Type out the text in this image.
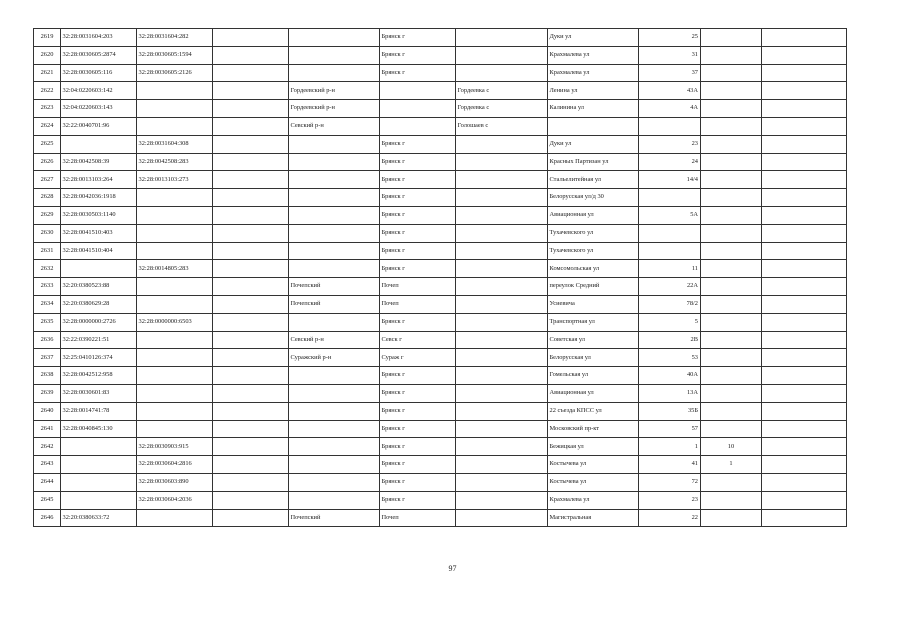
2619	32:28:0031604:203	32:28:0031604:282			Брянск г		Дуки ул	25		
2620	32:28:0030605:2874	32:28:0030605:1594			Брянск г		Крахмалева ул	31		
2621	32:28:0030605:116	32:28:0030605:2126			Брянск г		Крахмалева ул	37		
2622	32:04:0220603:142			Гордеевский р-н		Гордеевка с	Ленина ул	43А		
2623	32:04:0220603:143			Гордеевский р-н		Гордеевка с	Калинина ул	4А		
2624	32:22:0040701:96			Севский р-н		Голошаев с				
2625		32:28:0031604:308			Брянск г		Дуки ул	23		
2626	32:28:0042508:39	32:28:0042508:283			Брянск г		Красных Партизан ул	24		
2627	32:28:0013103:264	32:28:0013103:273			Брянск г		Стальелитейная ул	14/4		
2628	32:28:0042036:1918				Брянск г		Белорусская ул/д 30			
2629	32:28:0030503:1140				Брянск г		Авиационная ул	5А		
2630	32:28:0041510:403				Брянск г		Тухачевского ул			
2631	32:28:0041510:404				Брянск г		Тухачевского ул			
2632		32:28:0014805:283			Брянск г		Комсомольская ул	11		
2633	32:20:0380523:88			Почепский	Почеп		переулок Средний	22А		
2634	32:20:0380629:28			Почепский	Почеп		Усиевича	78/2		
2635	32:28:0000000:2726	32:28:0000000:6503			Брянск г		Транспортная ул	5		
2636	32:22:0390221:51			Севский р-н	Севск г		Советская ул	2В		
2637	32:25:0410126:374			Суражский р-н	Сураж г		Белорусская ул	53		
2638	32:28:0042512:958				Брянск г		Гомельская ул	40А		
2639	32:28:0030601:83				Брянск г		Авиационная ул	13А		
2640	32:28:0014741:78				Брянск г		22 съезда КПСС ул	35Б		
2641	32:28:0040845:130				Брянск г		Московский пр-кт	57		
2642		32:28:0030903:915			Брянск г		Бежицкая ул	1	10	
2643		32:28:0030604:2816			Брянск г		Костычева ул	41	1	
2644		32:28:0030603:890			Брянск г		Костычева ул	72		
2645		32:28:0030604:2036			Брянск г		Крахмалева ул	23		
2646	32:20:0380633:72			Почепский	Почеп		Магистральная	22		
97
